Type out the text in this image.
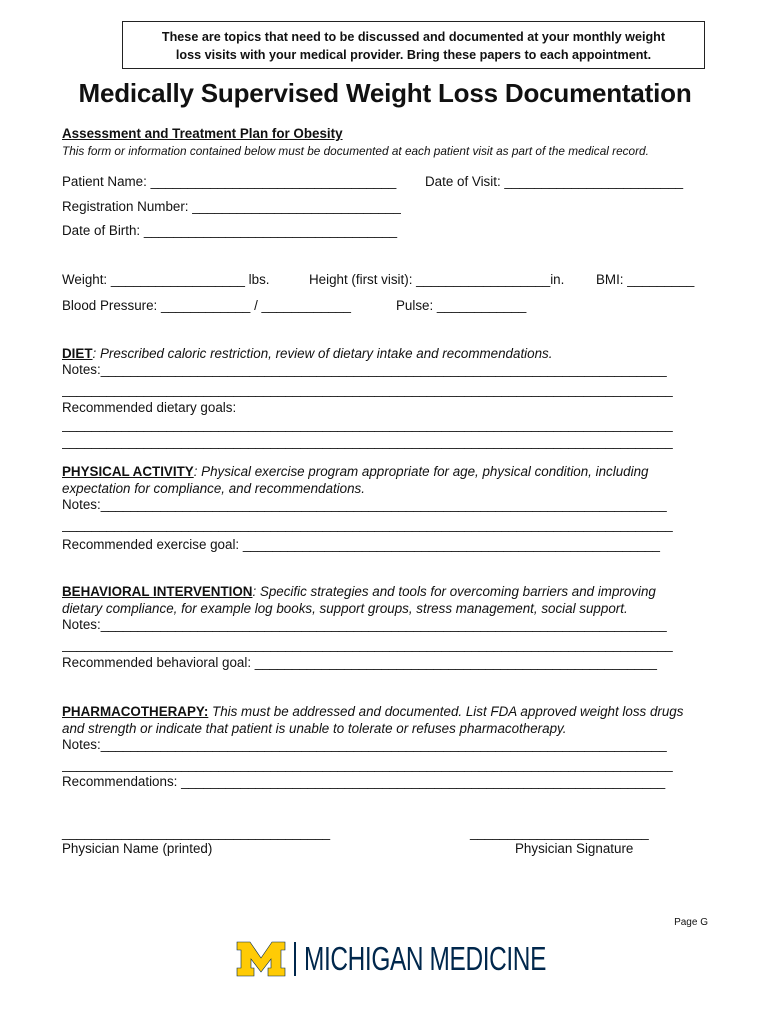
These are topics that need to be discussed and documented at your monthly weight
loss visits with your medical provider. Bring these papers to each appointment.
Medically Supervised Weight Loss Documentation
Assessment and Treatment Plan for Obesity
This form or information contained below must be documented at each patient visit as part of the medical record.
Patient Name: _________________________________ Date of Visit: ________________________
Registration Number: ____________________________
Date of Birth: __________________________________
Weight: __________________ lbs.	Height (first visit): __________________in. BMI: _________
Blood Pressure: ____________ / ____________	Pulse: ____________
DIET: Prescribed caloric restriction, review of dietary intake and recommendations.
Notes:____________________________________________________________________________
__________________________________________________________________________________
Recommended dietary goals:
__________________________________________________________________________________
__________________________________________________________________________________
PHYSICAL ACTIVITY: Physical exercise program appropriate for age, physical condition, including
expectation for compliance, and recommendations.
Notes:____________________________________________________________________________
__________________________________________________________________________________
Recommended exercise goal: ________________________________________________________
BEHAVIORAL INTERVENTION: Specific strategies and tools for overcoming barriers and improving
dietary compliance, for example log books, support groups, stress management, social support.
Notes:____________________________________________________________________________
__________________________________________________________________________________
Recommended behavioral goal: ______________________________________________________
PHARMACOTHERAPY: This must be addressed and documented. List FDA approved weight loss drugs
and strength or indicate that patient is unable to tolerate or refuses pharmacotherapy.
Notes:____________________________________________________________________________
__________________________________________________________________________________
Recommendations: _________________________________________________________________
____________________________________
Physician Name (printed)
________________________
Physician Signature
Page G
MICHIGAN MEDICINE
